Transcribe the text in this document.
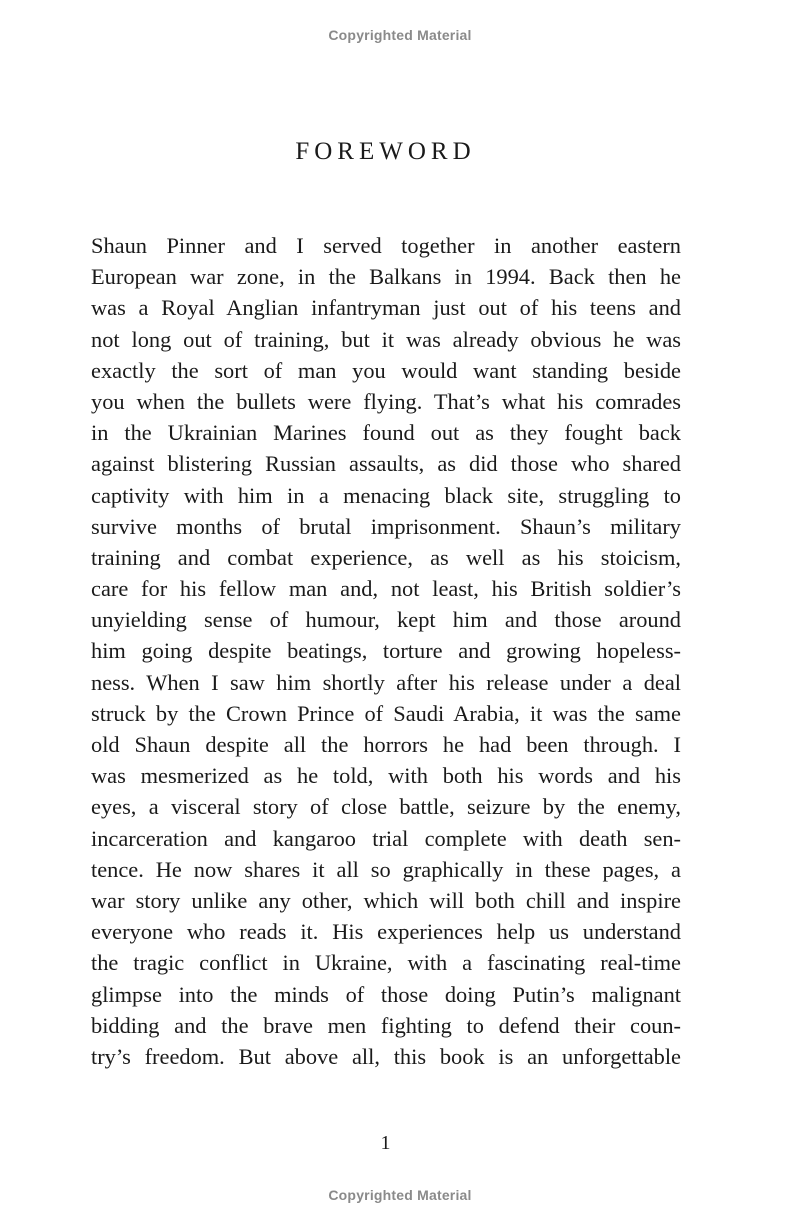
Copyrighted Material
FOREWORD
Shaun Pinner and I served together in another eastern
European war zone, in the Balkans in 1994. Back then he
was a Royal Anglian infantryman just out of his teens and
not long out of training, but it was already obvious he was
exactly the sort of man you would want standing beside
you when the bullets were flying. That’s what his comrades
in the Ukrainian Marines found out as they fought back
against blistering Russian assaults, as did those who shared
captivity with him in a menacing black site, struggling to
survive months of brutal imprisonment. Shaun’s military
training and combat experience, as well as his stoicism,
care for his fellow man and, not least, his British soldier’s
unyielding sense of humour, kept him and those around
him going despite beatings, torture and growing hopeless-
ness. When I saw him shortly after his release under a deal
struck by the Crown Prince of Saudi Arabia, it was the same
old Shaun despite all the horrors he had been through. I
was mesmerized as he told, with both his words and his
eyes, a visceral story of close battle, seizure by the enemy,
incarceration and kangaroo trial complete with death sen-
tence. He now shares it all so graphically in these pages, a
war story unlike any other, which will both chill and inspire
everyone who reads it. His experiences help us understand
the tragic conflict in Ukraine, with a fascinating real-time
glimpse into the minds of those doing Putin’s malignant
bidding and the brave men fighting to defend their coun-
try’s freedom. But above all, this book is an unforgettable
1
Copyrighted Material
